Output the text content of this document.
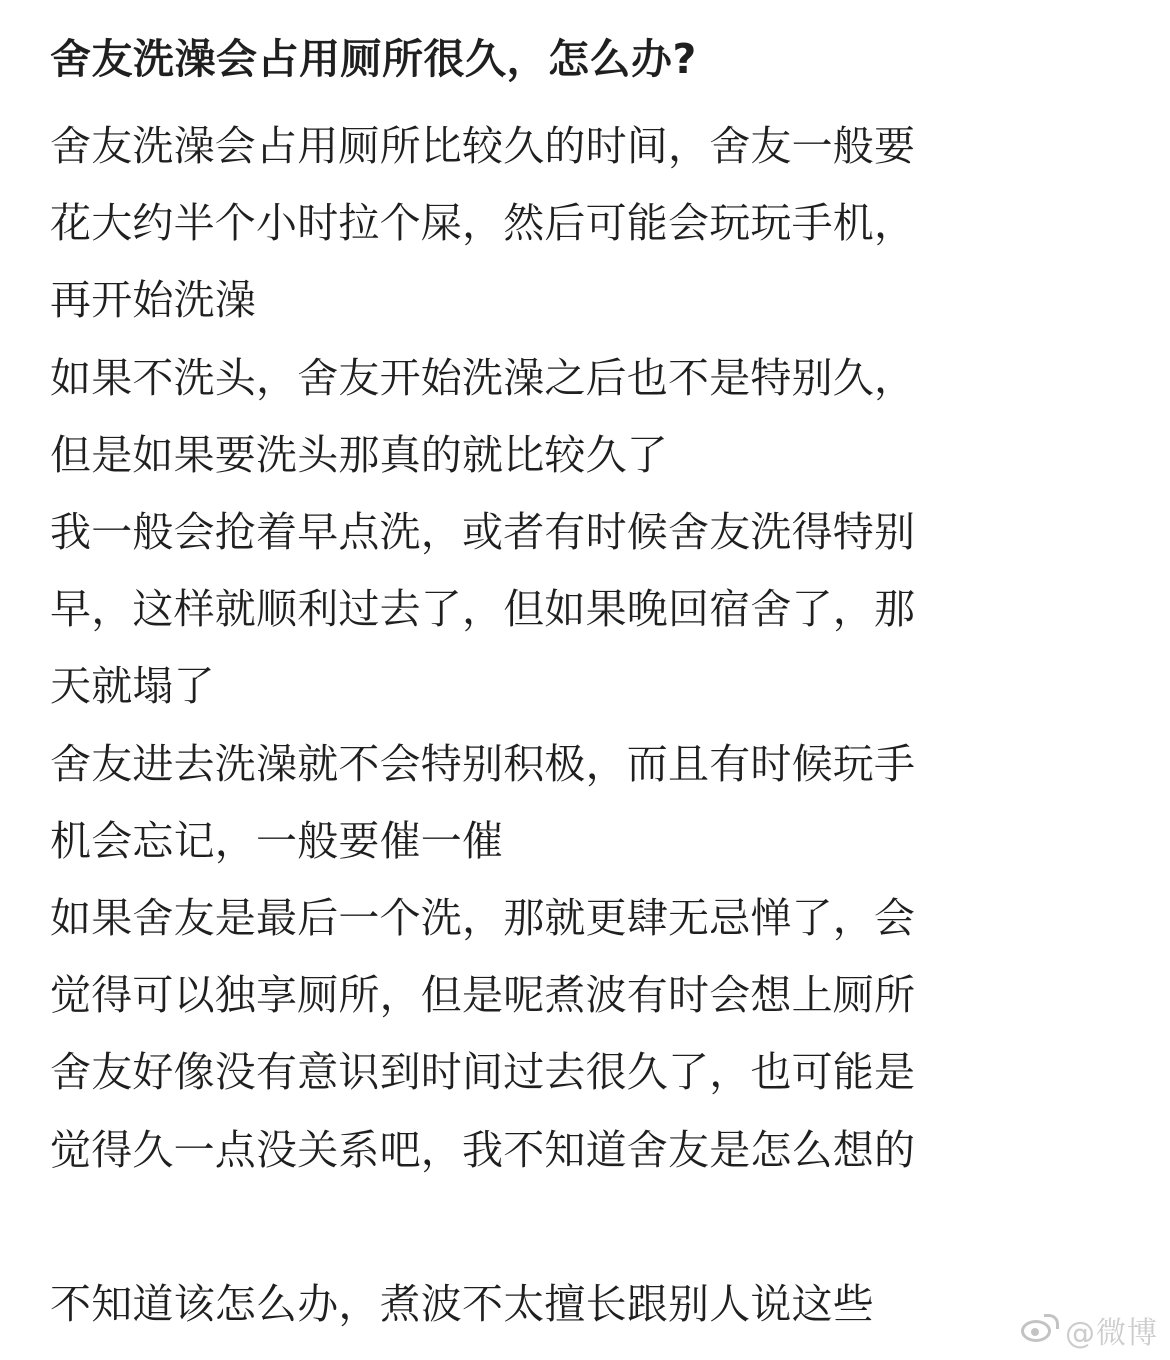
舍友洗澡会占用厕所很久，怎么办?
舍友洗澡会占用厕所比较久的时间，舍友一般要
花大约半个小时拉个屎，然后可能会玩玩手机，
再开始洗澡
如果不洗头，舍友开始洗澡之后也不是特别久，
但是如果要洗头那真的就比较久了
我一般会抢着早点洗，或者有时候舍友洗得特别
早，这样就顺利过去了，但如果晚回宿舍了，那
天就塌了
舍友进去洗澡就不会特别积极，而且有时候玩手
机会忘记，一般要催一催
如果舍友是最后一个洗，那就更肆无忌惮了，会
觉得可以独享厕所，但是呢煮波有时会想上厕所
舍友好像没有意识到时间过去很久了，也可能是
觉得久一点没关系吧，我不知道舍友是怎么想的
不知道该怎么办，煮波不太擅长跟别人说这些
@微博
